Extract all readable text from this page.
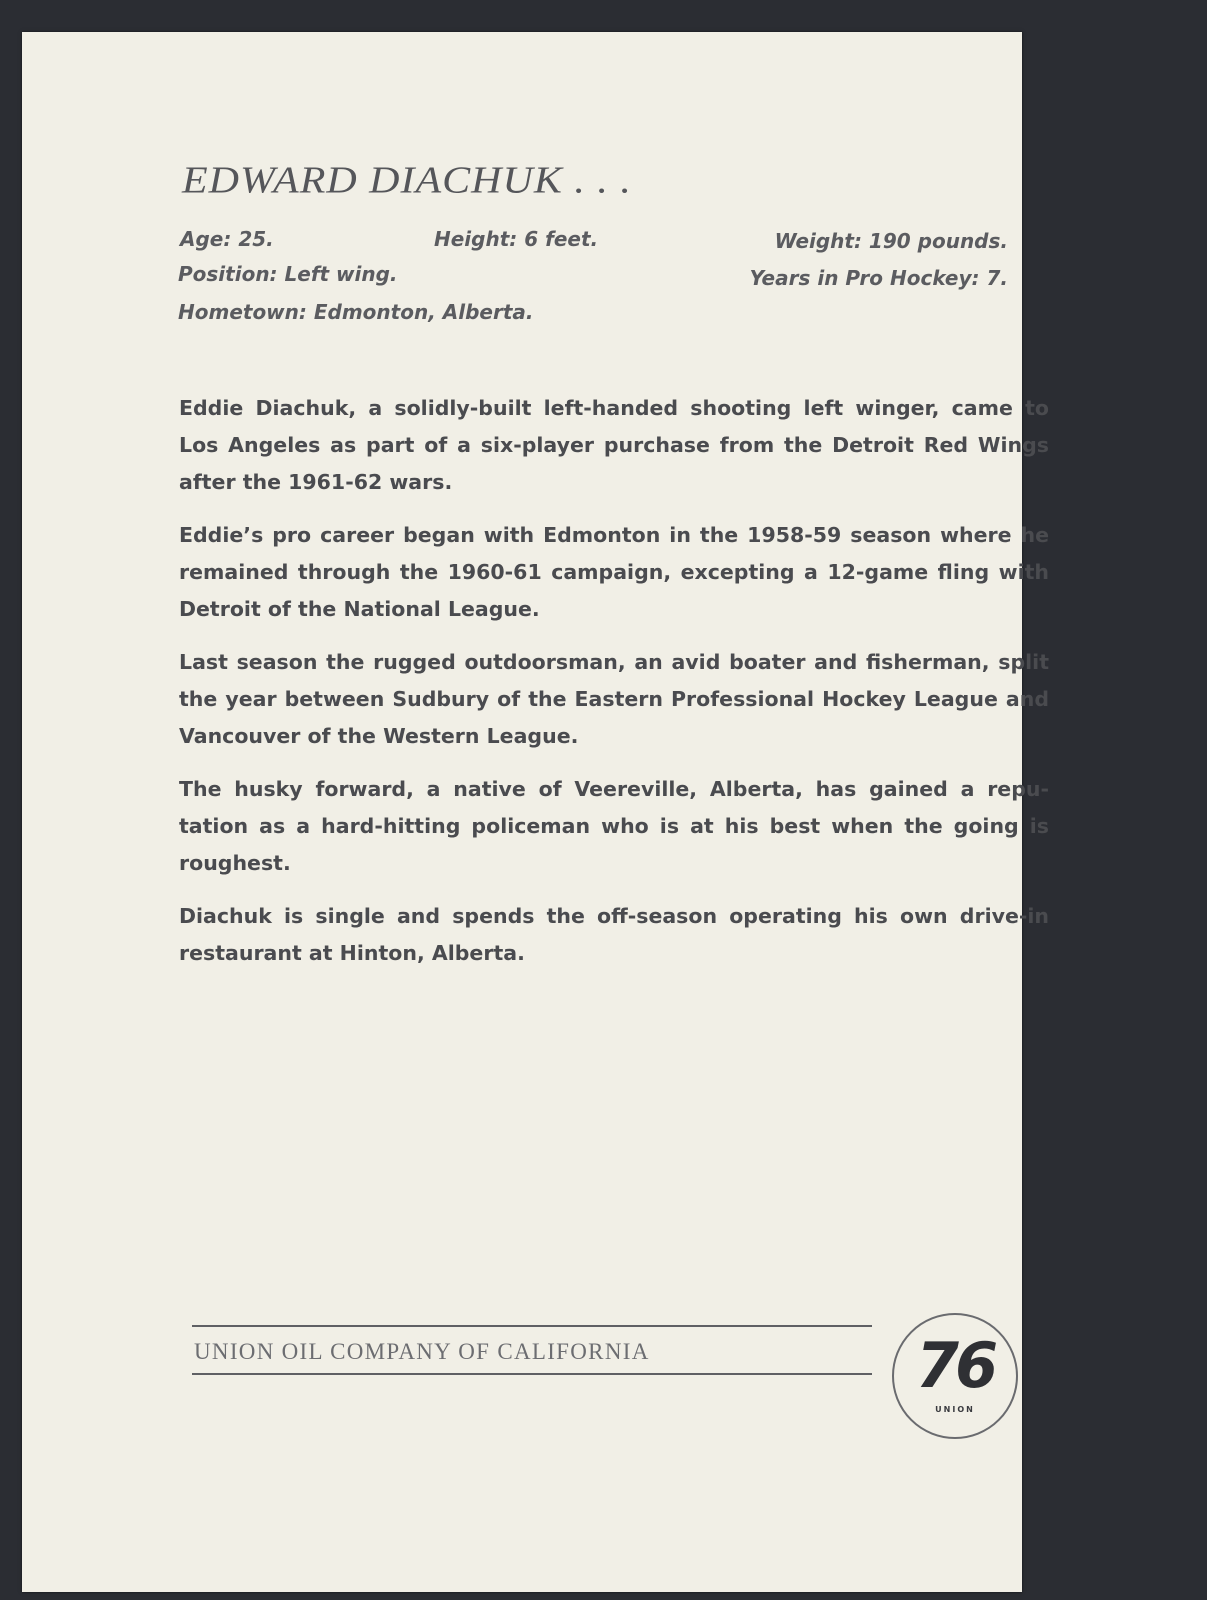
EDWARD DIACHUK . . .
Age: 25.	Height: 6 feet.	Weight: 190 pounds.
Position: Left wing.	Years in Pro Hockey: 7.
Hometown: Edmonton, Alberta.

Eddie Diachuk, a solidly-built left-handed shooting left winger, came to Los Angeles as part of a six-player purchase from the Detroit Red Wings after the 1961-62 wars.

Eddie’s pro career began with Edmonton in the 1958-59 season where he remained through the 1960-61 campaign, excepting a 12-game fling with Detroit of the National League.

Last season the rugged outdoorsman, an avid boater and fisherman, split the year between Sudbury of the Eastern Professional Hockey League and Vancouver of the Western League.

The husky forward, a native of Veereville, Alberta, has gained a repu-tation as a hard-hitting policeman who is at his best when the going is roughest.

Diachuk is single and spends the off-season operating his own drive-in restaurant at Hinton, Alberta.

UNION OIL COMPANY OF CALIFORNIA	76
UNION
